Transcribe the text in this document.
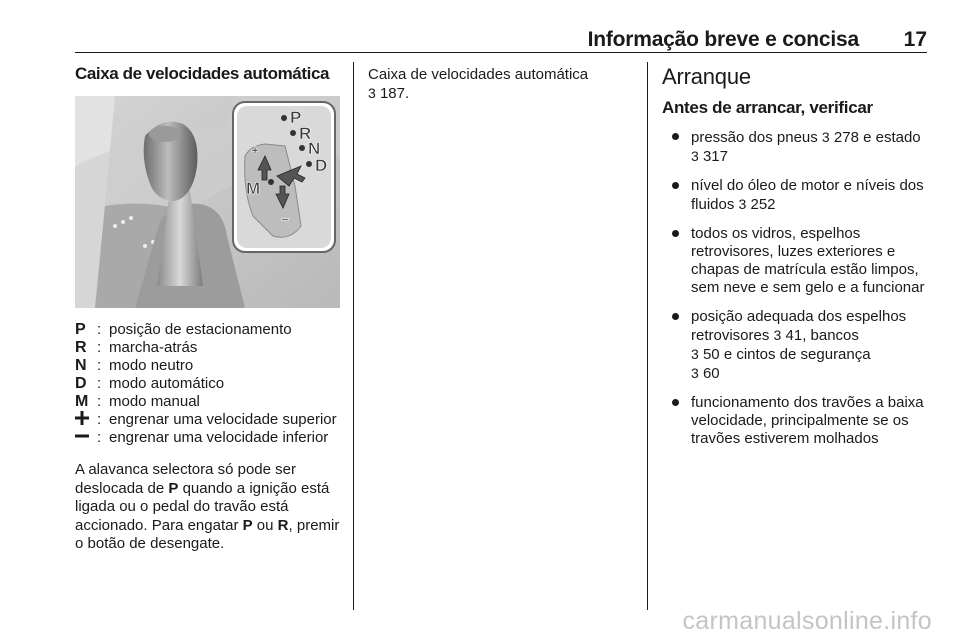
Informação breve e concisa 17
Caixa de velocidades automática
P
R
N
D
M
+
−
P : posição de estacionamento
R : marcha-atrás
N : modo neutro
D : modo automático
M : modo manual
: engrenar uma velocidade superior
: engrenar uma velocidade inferior

A alavanca selectora só pode ser deslocada de P quando a ignição está ligada ou o pedal do travão está accionado. Para engatar P ou R, premir o botão de desengate.

Caixa de velocidades automática
3 187.
Arranque
Antes de arrancar, verificar
pressão dos pneus 3 278 e estado 3 317
nível do óleo de motor e níveis dos fluidos 3 252
todos os vidros, espelhos retrovisores, luzes exteriores e chapas de matrícula estão limpos, sem neve e sem gelo e a funcionar
posição adequada dos espelhos retrovisores 3 41, bancos
3 50 e cintos de segurança
3 60
funcionamento dos travões a baixa velocidade, principalmente se os travões estiverem molhados
carmanualsonline.info
